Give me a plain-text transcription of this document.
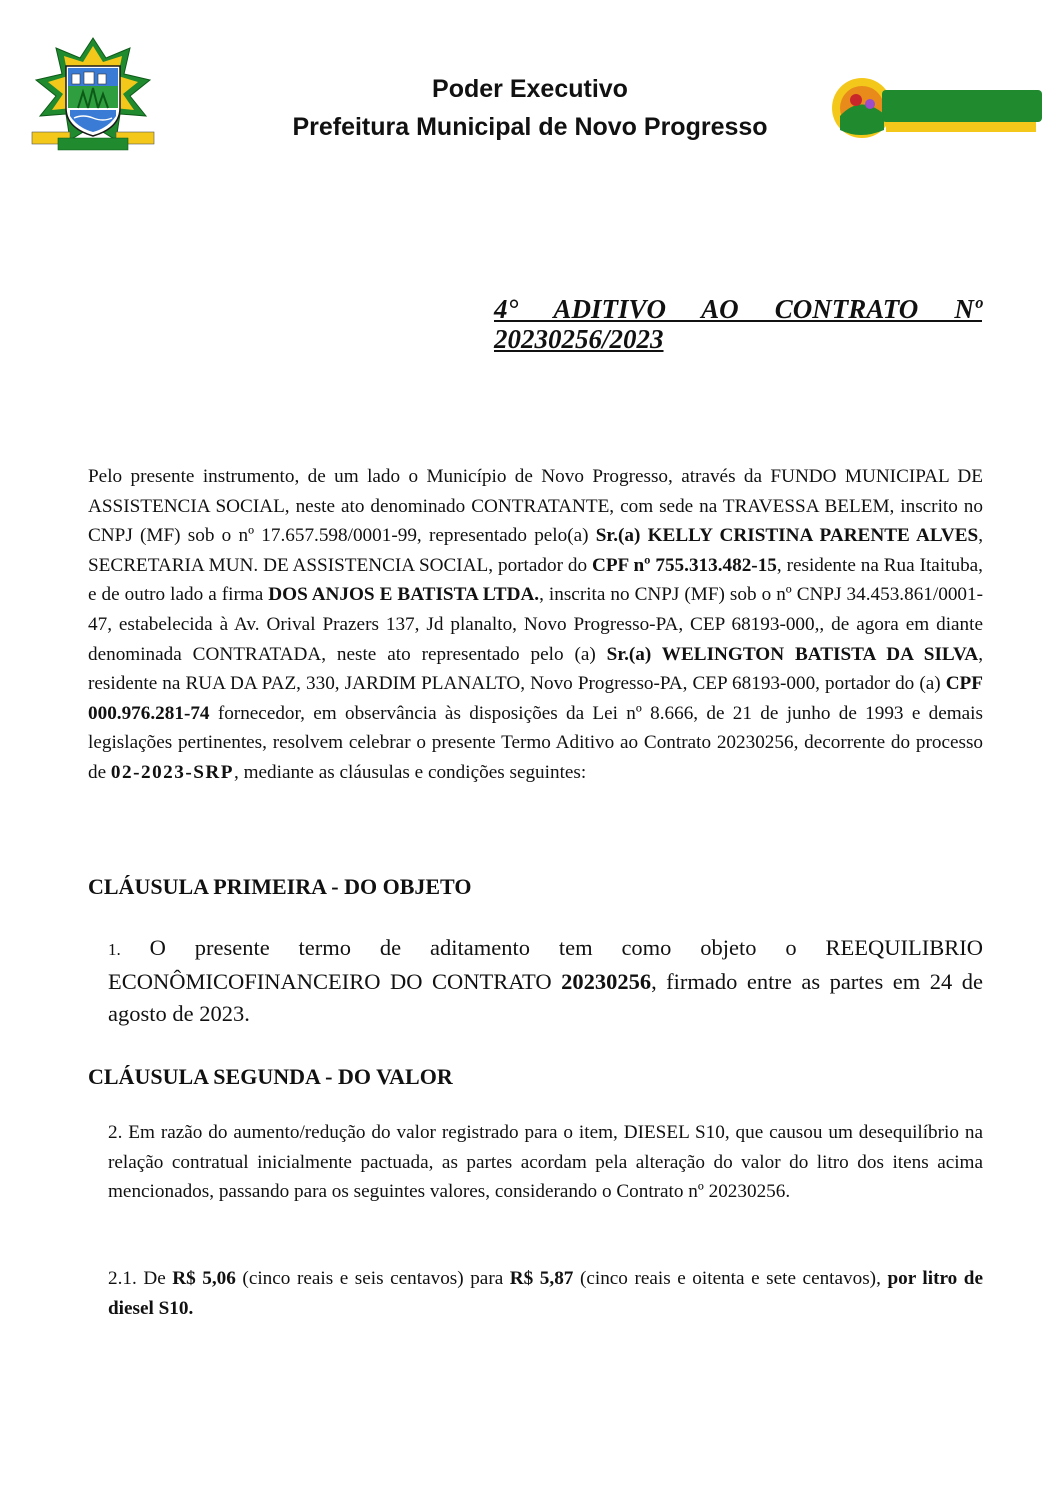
Poder Executivo
Prefeitura Municipal de Novo Progresso
4° ADITIVO AO CONTRATO Nº
20230256/2023
Pelo presente instrumento, de um lado o Município de Novo Progresso, através da FUNDO MUNICIPAL DE ASSISTENCIA SOCIAL, neste ato denominado CONTRATANTE, com sede na TRAVESSA BELEM, inscrito no CNPJ (MF) sob o nº 17.657.598/0001-99, representado pelo(a) Sr.(a) KELLY CRISTINA PARENTE ALVES, SECRETARIA MUN. DE ASSISTENCIA SOCIAL, portador do CPF nº 755.313.482-15, residente na Rua Itaituba, e de outro lado a firma DOS ANJOS E BATISTA LTDA., inscrita no CNPJ (MF) sob o nº CNPJ 34.453.861/0001-47, estabelecida à Av. Orival Prazers 137, Jd planalto, Novo Progresso-PA, CEP 68193-000,, de agora em diante denominada CONTRATADA, neste ato representado pelo (a) Sr.(a) WELINGTON BATISTA DA SILVA, residente na RUA DA PAZ, 330, JARDIM PLANALTO, Novo Progresso-PA, CEP 68193-000, portador do (a) CPF 000.976.281-74 fornecedor, em observância às disposições da Lei nº 8.666, de 21 de junho de 1993 e demais legislações pertinentes, resolvem celebrar o presente Termo Aditivo ao Contrato 20230256, decorrente do processo de 02-2023-SRP, mediante as cláusulas e condições seguintes:
CLÁUSULA PRIMEIRA - DO OBJETO
1. O presente termo de aditamento tem como objeto o REEQUILIBRIO ECONÔMICOFINANCEIRO DO CONTRATO 20230256, firmado entre as partes em 24 de agosto de 2023.
CLÁUSULA SEGUNDA - DO VALOR
2. Em razão do aumento/redução do valor registrado para o item, DIESEL S10, que causou um desequilíbrio na relação contratual inicialmente pactuada, as partes acordam pela alteração do valor do litro dos itens acima mencionados, passando para os seguintes valores, considerando o Contrato nº 20230256.
2.1. De R$ 5,06 (cinco reais e seis centavos) para R$ 5,87 (cinco reais e oitenta e sete centavos), por litro de diesel S10.
